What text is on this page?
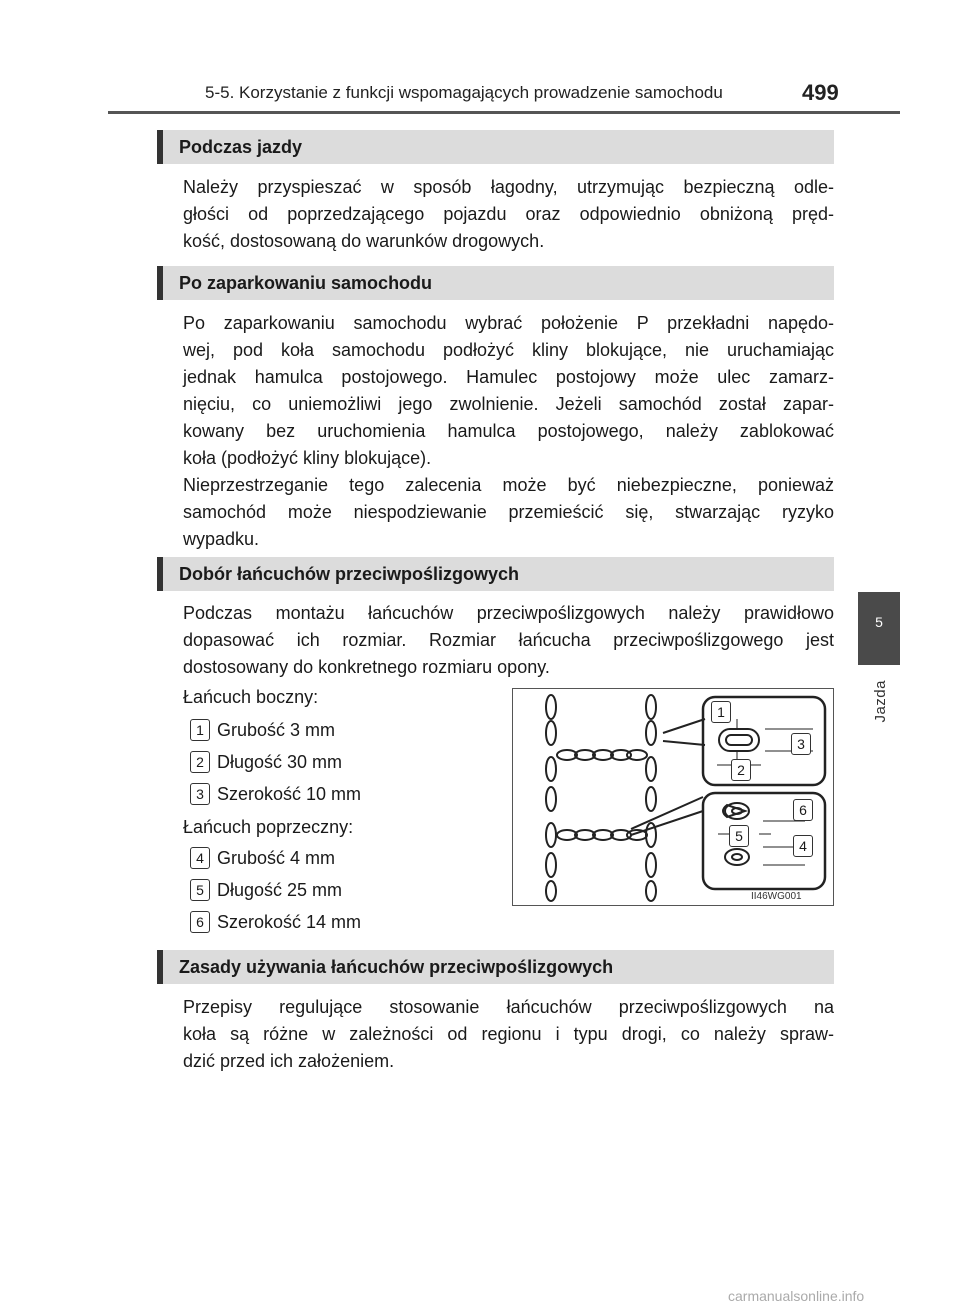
5-5. Korzystanie z funkcji wspomagających prowadzenie samochodu	499
5
Jazda
Podczas jazdy
Należy przyspieszać w sposób łagodny, utrzymując bezpieczną odle-
głości od poprzedzającego pojazdu oraz odpowiednio obniżoną pręd-
kość, dostosowaną do warunków drogowych.
Po zaparkowaniu samochodu
Po zaparkowaniu samochodu wybrać położenie P przekładni napędo-
wej, pod koła samochodu podłożyć kliny blokujące, nie uruchamiając
jednak hamulca postojowego. Hamulec postojowy może ulec zamarz-
nięciu, co uniemożliwi jego zwolnienie. Jeżeli samochód został zapar-
kowany bez uruchomienia hamulca postojowego, należy zablokować
koła (podłożyć kliny blokujące).
Nieprzestrzeganie tego zalecenia może być niebezpieczne, ponieważ
samochód może niespodziewanie przemieścić się, stwarzając ryzyko
wypadku.
Dobór łańcuchów przeciwpoślizgowych
Podczas montażu łańcuchów przeciwpoślizgowych należy prawidłowo
dopasować ich rozmiar. Rozmiar łańcucha przeciwpoślizgowego jest
dostosowany do konkretnego rozmiaru opony.
Łańcuch boczny:
1 Grubość 3 mm
2 Długość 30 mm
3 Szerokość 10 mm
Łańcuch poprzeczny:
4 Grubość 4 mm
5 Długość 25 mm
6 Szerokość 14 mm
1
2
3
4
5
6
II46WG001
Zasady używania łańcuchów przeciwpoślizgowych
Przepisy regulujące stosowanie łańcuchów przeciwpoślizgowych na
koła są różne w zależności od regionu i typu drogi, co należy spraw-
dzić przed ich założeniem.
carmanualsonline.info
